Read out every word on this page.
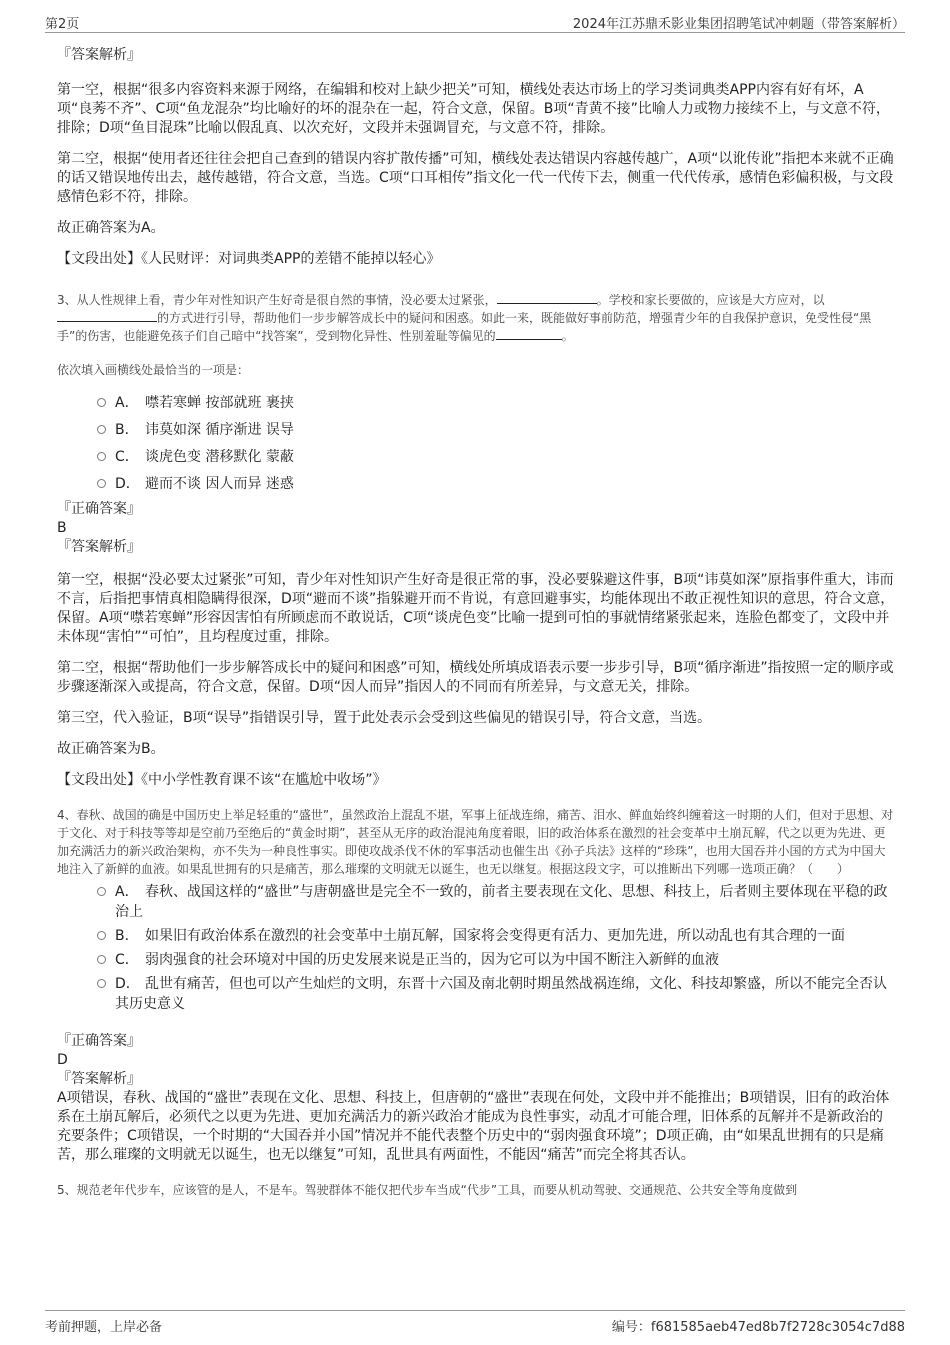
第2页	2024年江苏鼎禾影业集团招聘笔试冲刺题（带答案解析）

『答案解析』

第一空，根据“很多内容资料来源于网络，在编辑和校对上缺少把关”可知，横线处表达市场上的学习类词典类APP内容有好有坏，A项“良莠不齐”、C项“鱼龙混杂”均比喻好的坏的混杂在一起，符合文意，保留。B项“青黄不接”比喻人力或物力接续不上，与文意不符，排除；D项“鱼目混珠”比喻以假乱真、以次充好，文段并未强调冒充，与文意不符，排除。

第二空，根据“使用者还往往会把自己查到的错误内容扩散传播”可知，横线处表达错误内容越传越广，A项“以讹传讹”指把本来就不正确的话又错误地传出去，越传越错，符合文意，当选。C项“口耳相传”指文化一代一代传下去，侧重一代代传承，感情色彩偏积极，与文段感情色彩不符，排除。

故正确答案为A。

【文段出处】《人民财评：对词典类APP的差错不能掉以轻心》

3、从人性规律上看，青少年对性知识产生好奇是很自然的事情，没必要太过紧张，	。学校和家长要做的，应该是大方应对，以的方式进行引导，帮助他们一步步解答成长中的疑问和困惑。如此一来，既能做好事前防范，增强青少年的自我保护意识，免受性侵“黑手”的伤害，也能避免孩子们自己暗中“找答案”，受到物化异性、性别羞耻等偏见的	。

依次填入画横线处最恰当的一项是：

A． 噤若寒蝉 按部就班 裹挟

B． 讳莫如深 循序渐进 误导

C． 谈虎色变 潜移默化 蒙蔽

D． 避而不谈 因人而异 迷惑

『正确答案』

B

『答案解析』

第一空，根据“没必要太过紧张”可知，青少年对性知识产生好奇是很正常的事，没必要躲避这件事，B项“讳莫如深”原指事件重大，讳而不言，后指把事情真相隐瞒得很深，D项“避而不谈”指躲避开而不肯说，有意回避事实，均能体现出不敢正视性知识的意思，符合文意，保留。A项“噤若寒蝉”形容因害怕有所顾虑而不敢说话，C项“谈虎色变”比喻一提到可怕的事就情绪紧张起来，连脸色都变了，文段中并未体现“害怕”“可怕”，且均程度过重，排除。

第二空，根据“帮助他们一步步解答成长中的疑问和困惑”可知，横线处所填成语表示要一步步引导，B项“循序渐进”指按照一定的顺序或步骤逐渐深入或提高，符合文意，保留。D项“因人而异”指因人的不同而有所差异，与文意无关，排除。

第三空，代入验证，B项“误导”指错误引导，置于此处表示会受到这些偏见的错误引导，符合文意，当选。

故正确答案为B。

【文段出处】《中小学性教育课不该“在尴尬中收场”》

4、春秋、战国的确是中国历史上举足轻重的“盛世”，虽然政治上混乱不堪，军事上征战连绵，痛苦、泪水、鲜血始终纠缠着这一时期的人们，但对于思想、对于文化、对于科技等等却是空前乃至绝后的“黄金时期”，甚至从无序的政治混沌角度着眼，旧的政治体系在激烈的社会变革中土崩瓦解，代之以更为先进、更加充满活力的新兴政治架构，亦不失为一种良性事实。即使攻战杀伐不休的军事活动也催生出《孙子兵法》这样的“珍珠”，也用大国吞并小国的方式为中国大地注入了新鲜的血液。如果乱世拥有的只是痛苦，那么璀璨的文明就无以诞生，也无以继复。根据这段文字，可以推断出下列哪一选项正确？（　　）

A． 春秋、战国这样的“盛世”与唐朝盛世是完全不一致的，前者主要表现在文化、思想、科技上，后者则主要体现在平稳的政治上

B． 如果旧有政治体系在激烈的社会变革中土崩瓦解，国家将会变得更有活力、更加先进，所以动乱也有其合理的一面

C． 弱肉强食的社会环境对中国的历史发展来说是正当的，因为它可以为中国不断注入新鲜的血液

D． 乱世有痛苦，但也可以产生灿烂的文明，东晋十六国及南北朝时期虽然战祸连绵，文化、科技却繁盛，所以不能完全否认其历史意义

『正确答案』

D

『答案解析』

A项错误，春秋、战国的“盛世”表现在文化、思想、科技上，但唐朝的“盛世”表现在何处，文段中并不能推出；B项错误，旧有的政治体系在土崩瓦解后，必须代之以更为先进、更加充满活力的新兴政治才能成为良性事实，动乱才可能合理，旧体系的瓦解并不是新政治的充要条件；C项错误，一个时期的“大国吞并小国”情况并不能代表整个历史中的“弱肉强食环境”；D项正确，由“如果乱世拥有的只是痛苦，那么璀璨的文明就无以诞生，也无以继复”可知，乱世具有两面性，不能因“痛苦”而完全将其否认。

5、规范老年代步车，应该管的是人，不是车。驾驶群体不能仅把代步车当成“代步”工具，而要从机动驾驶、交通规范、公共安全等角度做到

考前押题，上岸必备	编号：f681585aeb47ed8b7f2728c3054c7d88
